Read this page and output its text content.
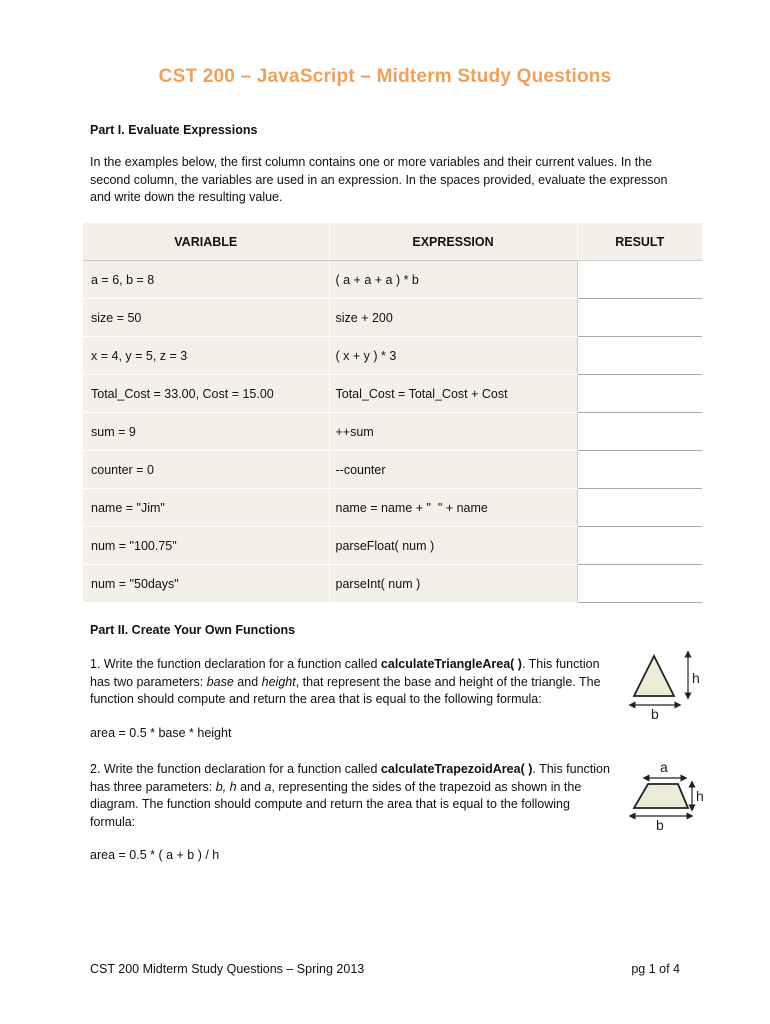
CST 200 – JavaScript – Midterm Study Questions
Part I. Evaluate Expressions

In the examples below, the first column contains one or more variables and their current values. In the second column, the variables are used in an expression. In the spaces provided, evaluate the expresson and write down the resulting value.

VARIABLE	EXPRESSION	RESULT
a = 6, b = 8	( a + a + a ) * b	
size = 50	size + 200	
x = 4, y = 5, z = 3	( x + y ) * 3	
Total_Cost = 33.00, Cost = 15.00	Total_Cost = Total_Cost + Cost	
sum = 9	++sum	
counter = 0	--counter	
name = "Jim"	name = name + "  " + name	
num = "100.75"	parseFloat( num )	
num = "50days"	parseInt( num )	
Part II. Create Your Own Functions

1. Write the function declaration for a function called calculateTriangleArea( ). This function has two parameters: base and height, that represent the base and height of the triangle. The function should compute and return the area that is equal to the following formula:

h
b

area = 0.5 * base * height

2. Write the function declaration for a function called calculateTrapezoidArea( ). This function has three parameters: b, h and a, representing the sides of the trapezoid as shown in the diagram. The function should compute and return the area that is equal to the following formula:

a
h
b

area = 0.5 * ( a + b ) / h

CST 200 Midterm Study Questions – Spring 2013	pg 1 of 4
